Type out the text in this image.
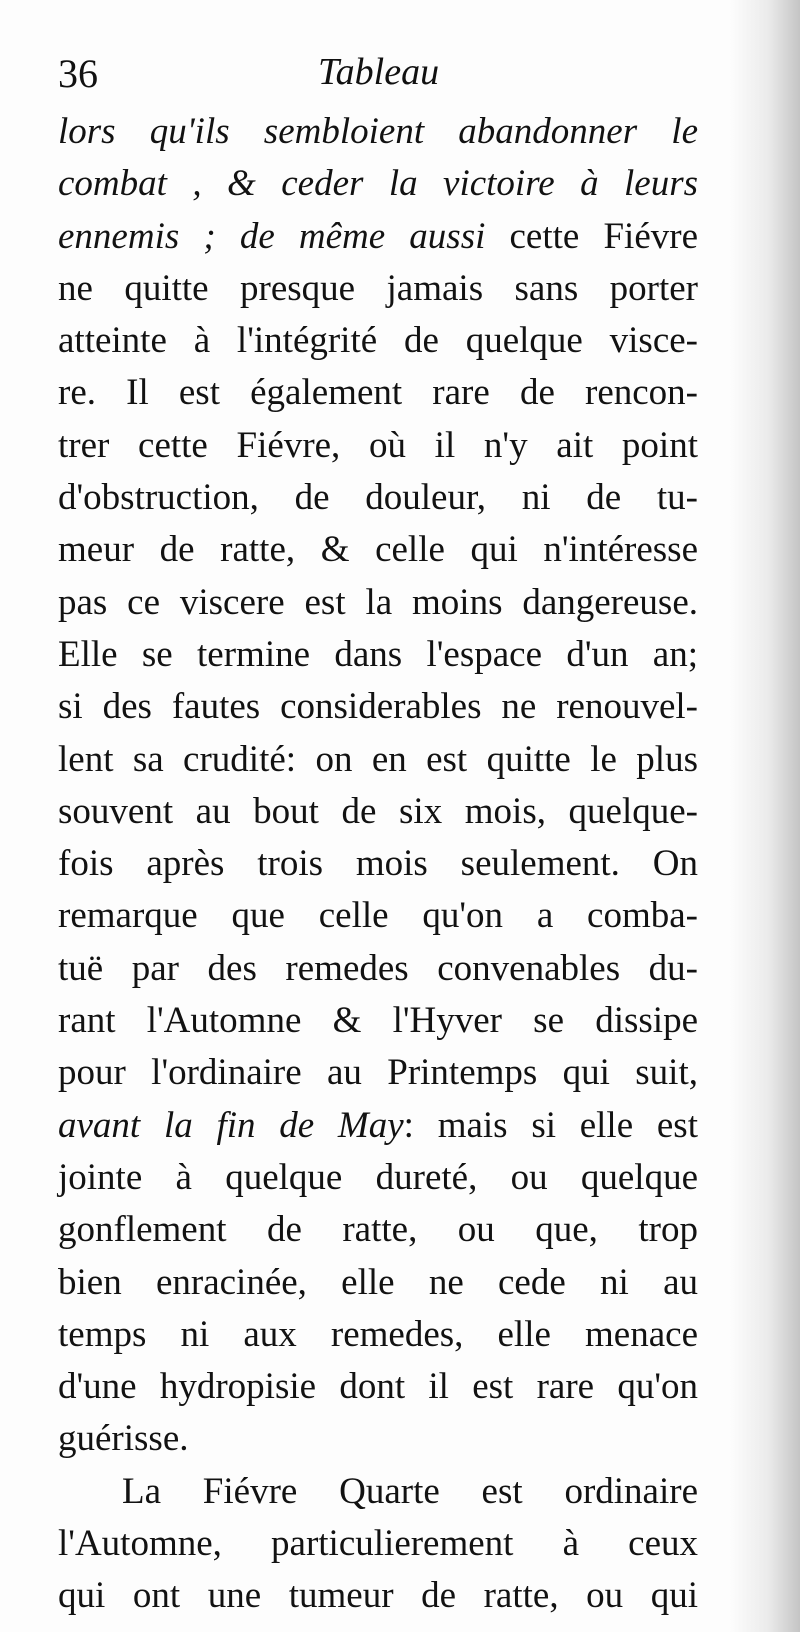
36	Tableau
lors qu'ils sembloient abandonner le
combat , & ceder la victoire à leurs
ennemis ; de même aussi cette Fiévre
ne quitte presque jamais sans porter
atteinte à l'intégrité de quelque visce-
re. Il est également rare de rencon-
trer cette Fiévre, où il n'y ait point
d'obstruction, de douleur, ni de tu-
meur de ratte, & celle qui n'intéresse
pas ce viscere est la moins dangereuse.
Elle se termine dans l'espace d'un an;
si des fautes considerables ne renouvel-
lent sa crudité: on en est quitte le plus
souvent au bout de six mois, quelque-
fois après trois mois seulement. On
remarque que celle qu'on a comba-
tuë par des remedes convenables du-
rant l'Automne & l'Hyver se dissipe
pour l'ordinaire au Printemps qui suit,
avant la fin de May: mais si elle est
jointe à quelque dureté, ou quelque
gonflement de ratte, ou que, trop
bien enracinée, elle ne cede ni au
temps ni aux remedes, elle menace
d'une hydropisie dont il est rare qu'on
guérisse.
La Fiévre Quarte est ordinaire
l'Automne, particulierement à ceux
qui ont une tumeur de ratte, ou qui
